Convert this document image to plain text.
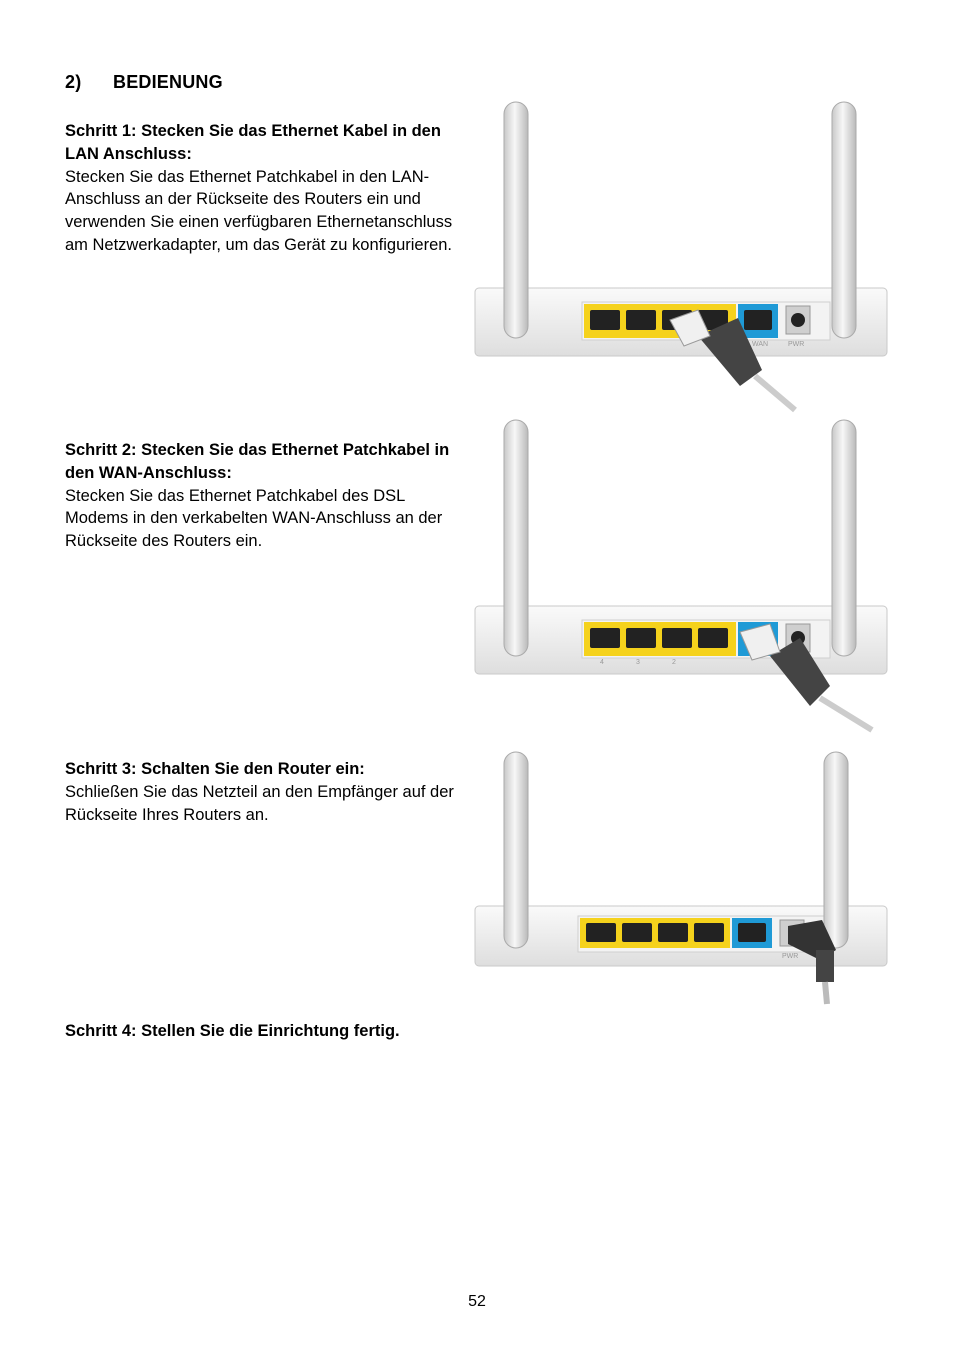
2) BEDIENUNG
Schritt 1: Stecken Sie das Ethernet Kabel in den LAN Anschluss:
Stecken Sie das Ethernet Patchkabel in den LAN-Anschluss an der Rückseite des Routers ein und verwenden Sie einen verfügbaren Ethernetanschluss am Netzwerkadapter, um das Gerät zu konfigurieren.
Schritt 2: Stecken Sie das Ethernet Patchkabel in den WAN-Anschluss:
Stecken Sie das Ethernet Patchkabel des DSL Modems in den verkabelten WAN-Anschluss an der Rückseite des Routers ein.
Schritt 3: Schalten Sie den Router ein:
Schließen Sie das Netzteil an den Empfänger auf der Rückseite Ihres Routers an.
Schritt 4: Stellen Sie die Einrichtung fertig.
WAN	PWR
4	3	2
PWR
52
